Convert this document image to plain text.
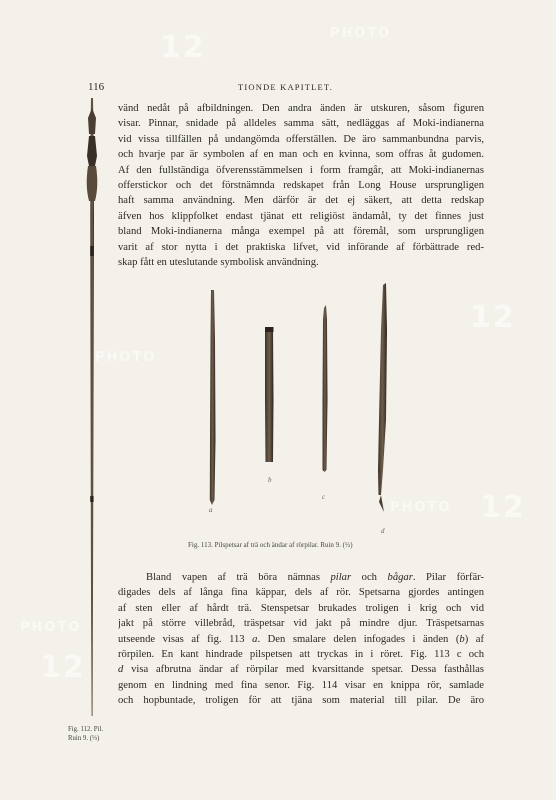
PHOTO
12
PHOTO
12
PHOTO 12
PHOTO
12
116	TIONDE KAPITLET.
vänd nedåt på afbildningen. Den andra änden är utskuren, såsom figuren
visar. Pinnar, snidade på alldeles samma sätt, nedläggas af Moki-indianerna
vid vissa tillfällen på undangömda offerställen. De äro sammanbundna parvis,
och hvarje par är symbolen af en man och en kvinna, som offras åt gudomen.
Af den fullständiga öfverensstämmelsen i form framgår, att Moki-indianernas
offerstickor och det förstnämnda redskapet från Long House ursprungligen
haft samma användning. Men därför är det ej säkert, att detta redskap
äfven hos klippfolket endast tjänat ett religiöst ändamål, ty det finnes just
bland Moki-indianerna många exempel på att föremål, som ursprungligen
varit af stor nytta i det praktiska lifvet, vid införande af förbättrade red-
skap fått en uteslutande symbolisk användning.
Fig. 112. Pil.
Ruin 9. (⅓)
a
b
c
d
Fig. 113. Pilspetsar af trä och ändar af rörpilar. Ruin 9. (½)
Bland vapen af trä böra nämnas pilar och bågar. Pilar förfär-
digades dels af långa fina käppar, dels af rör. Spetsarna gjordes antingen
af sten eller af hårdt trä. Stenspetsar brukades troligen i krig och vid
jakt på större villebråd, träspetsar vid jakt på mindre djur. Träspetsarnas
utseende visas af fig. 113 a. Den smalare delen infogades i änden (b) af
rörpilen. En kant hindrade pilspetsen att tryckas in i röret. Fig. 113 c och
d visa afbrutna ändar af rörpilar med kvarsittande spetsar. Dessa fasthållas
genom en lindning med fina senor. Fig. 114 visar en knippa rör, samlade
och hopbuntade, troligen för att tjäna som material till pilar. De äro
